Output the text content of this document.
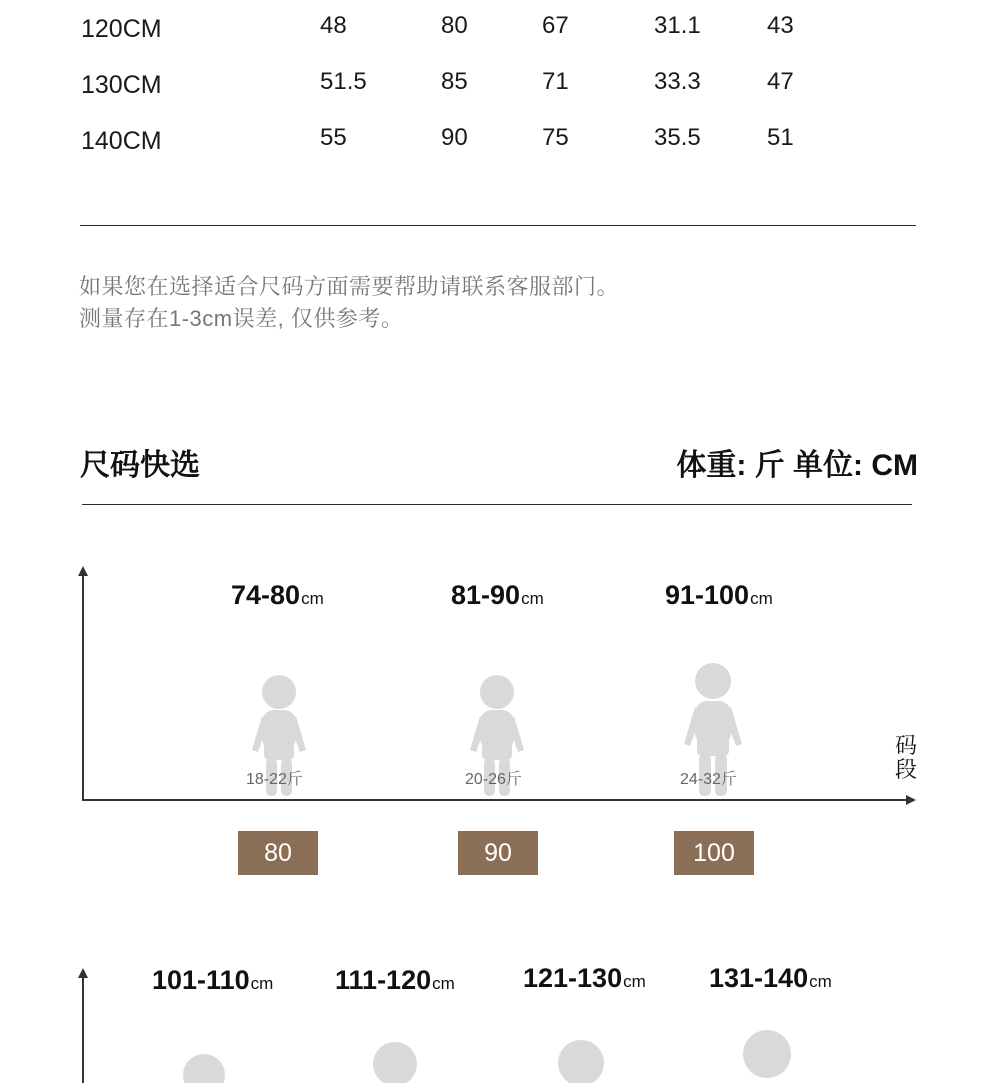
120CM	48	80	67	31.1	43
130CM	51.5	85	71	33.3	47
140CM	55	90	75	35.5	51
如果您在选择适合尺码方面需要帮助请联系客服部门。
测量存在1-3cm误差, 仅供参考。
尺码快选	体重: 斤 单位: CM
码段
74-80cm
18-22斤
80
81-90cm
20-26斤
90
91-100cm
24-32斤
100
101-110cm 111-120cm	121-130cm 131-140cm
